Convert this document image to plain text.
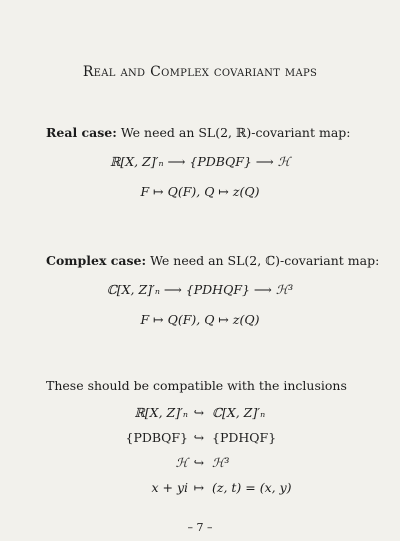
Real and Complex covariant maps
Real case: We need an SL(2, ℝ)-covariant map:
ℝ[X, Z]′ₙ ⟶ {PDBQF} ⟶ ℋ
F ↦ Q(F), Q ↦ z(Q)
Complex case: We need an SL(2, ℂ)-covariant map:
ℂ[X, Z]′ₙ ⟶ {PDHQF} ⟶ ℋ³
F ↦ Q(F), Q ↦ z(Q)
These should be compatible with the inclusions
ℝ[X, Z]′ₙ ↪ ℂ[X, Z]′ₙ
{PDBQF} ↪ {PDHQF}
ℋ ↪ ℋ³
x + yi ↦ (z, t) = (x, y)
– 7 –
